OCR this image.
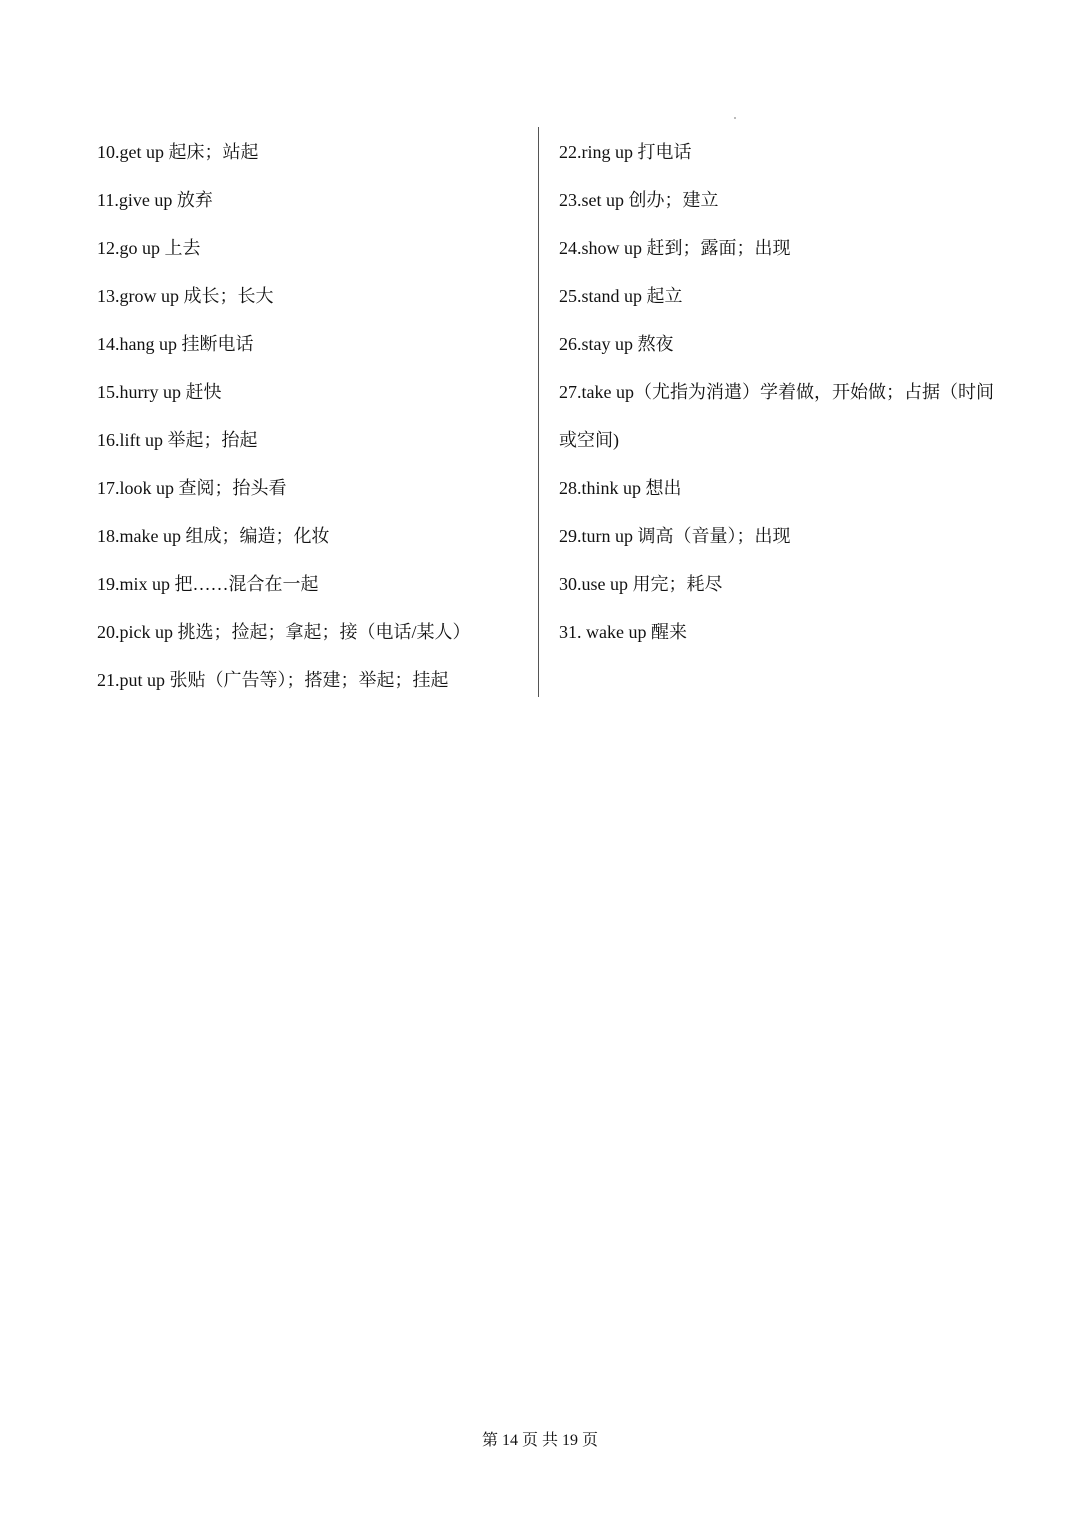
10.get up 起床；站起
11.give up 放弃
12.go up 上去
13.grow up 成长；长大
14.hang up 挂断电话
15.hurry up 赶快
16.lift up 举起；抬起
17.look up 查阅；抬头看
18.make up 组成；编造；化妆
19.mix up 把……混合在一起
20.pick up 挑选；捡起；拿起；接（电话/某人）
21.put up 张贴（广告等）；搭建；举起；挂起
22.ring up 打电话
23.set up 创办；建立
24.show up 赶到；露面；出现
25.stand up 起立
26.stay up 熬夜
27.take up（尤指为消遣）学着做，开始做；占据（时间或空间)
28.think up 想出
29.turn up 调高（音量）；出现
30.use up 用完；耗尽
31. wake up 醒来
第 14 页 共 19 页
